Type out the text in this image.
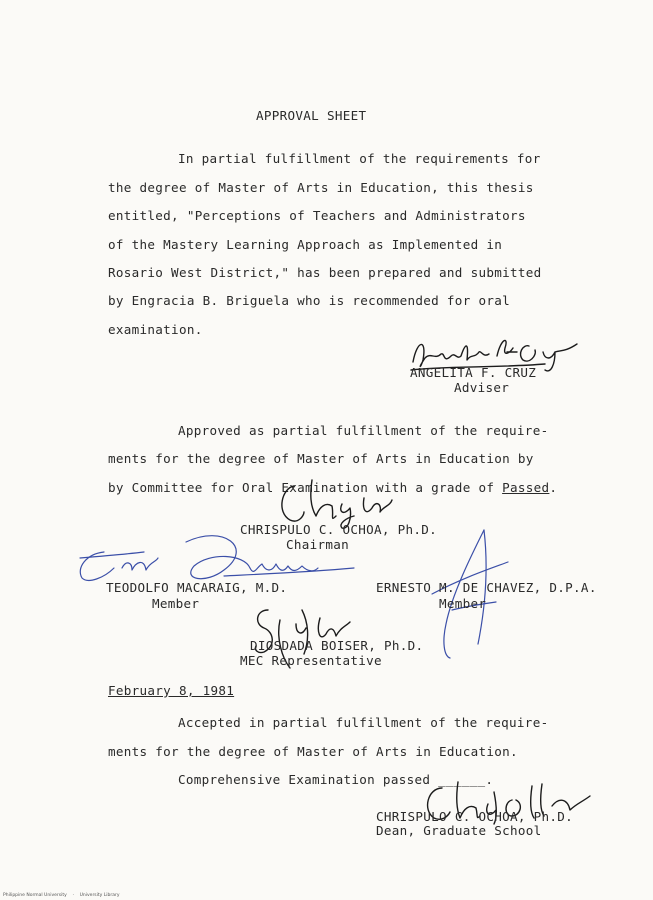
APPROVAL SHEET
In partial fulfillment of the requirements for
the degree of Master of Arts in Education, this thesis
entitled, "Perceptions of Teachers and Administrators
of the Mastery Learning Approach as Implemented in
Rosario West District," has been prepared and submitted
by Engracia B. Briguela who is recommended for oral
examination.
ANGELITA F. CRUZ
Adviser
Approved as partial fulfillment of the require-
ments for the degree of Master of Arts in Education by
by Committee for Oral Examination with a grade of Passed.
CHRISPULO C. OCHOA, Ph.D.
Chairman
TEODOLFO MACARAIG, M.D.
Member
ERNESTO M. DE CHAVEZ, D.P.A.
Member
DIOSDADA BOISER, Ph.D.
MEC Representative
February 8, 1981
Accepted in partial fulfillment of the require-
ments for the degree of Master of Arts in Education.
Comprehensive Examination passed ______.
CHRISPULO C. OCHOA, Ph.D.
Dean, Graduate School
Philippine Normal University    ·    University Library
